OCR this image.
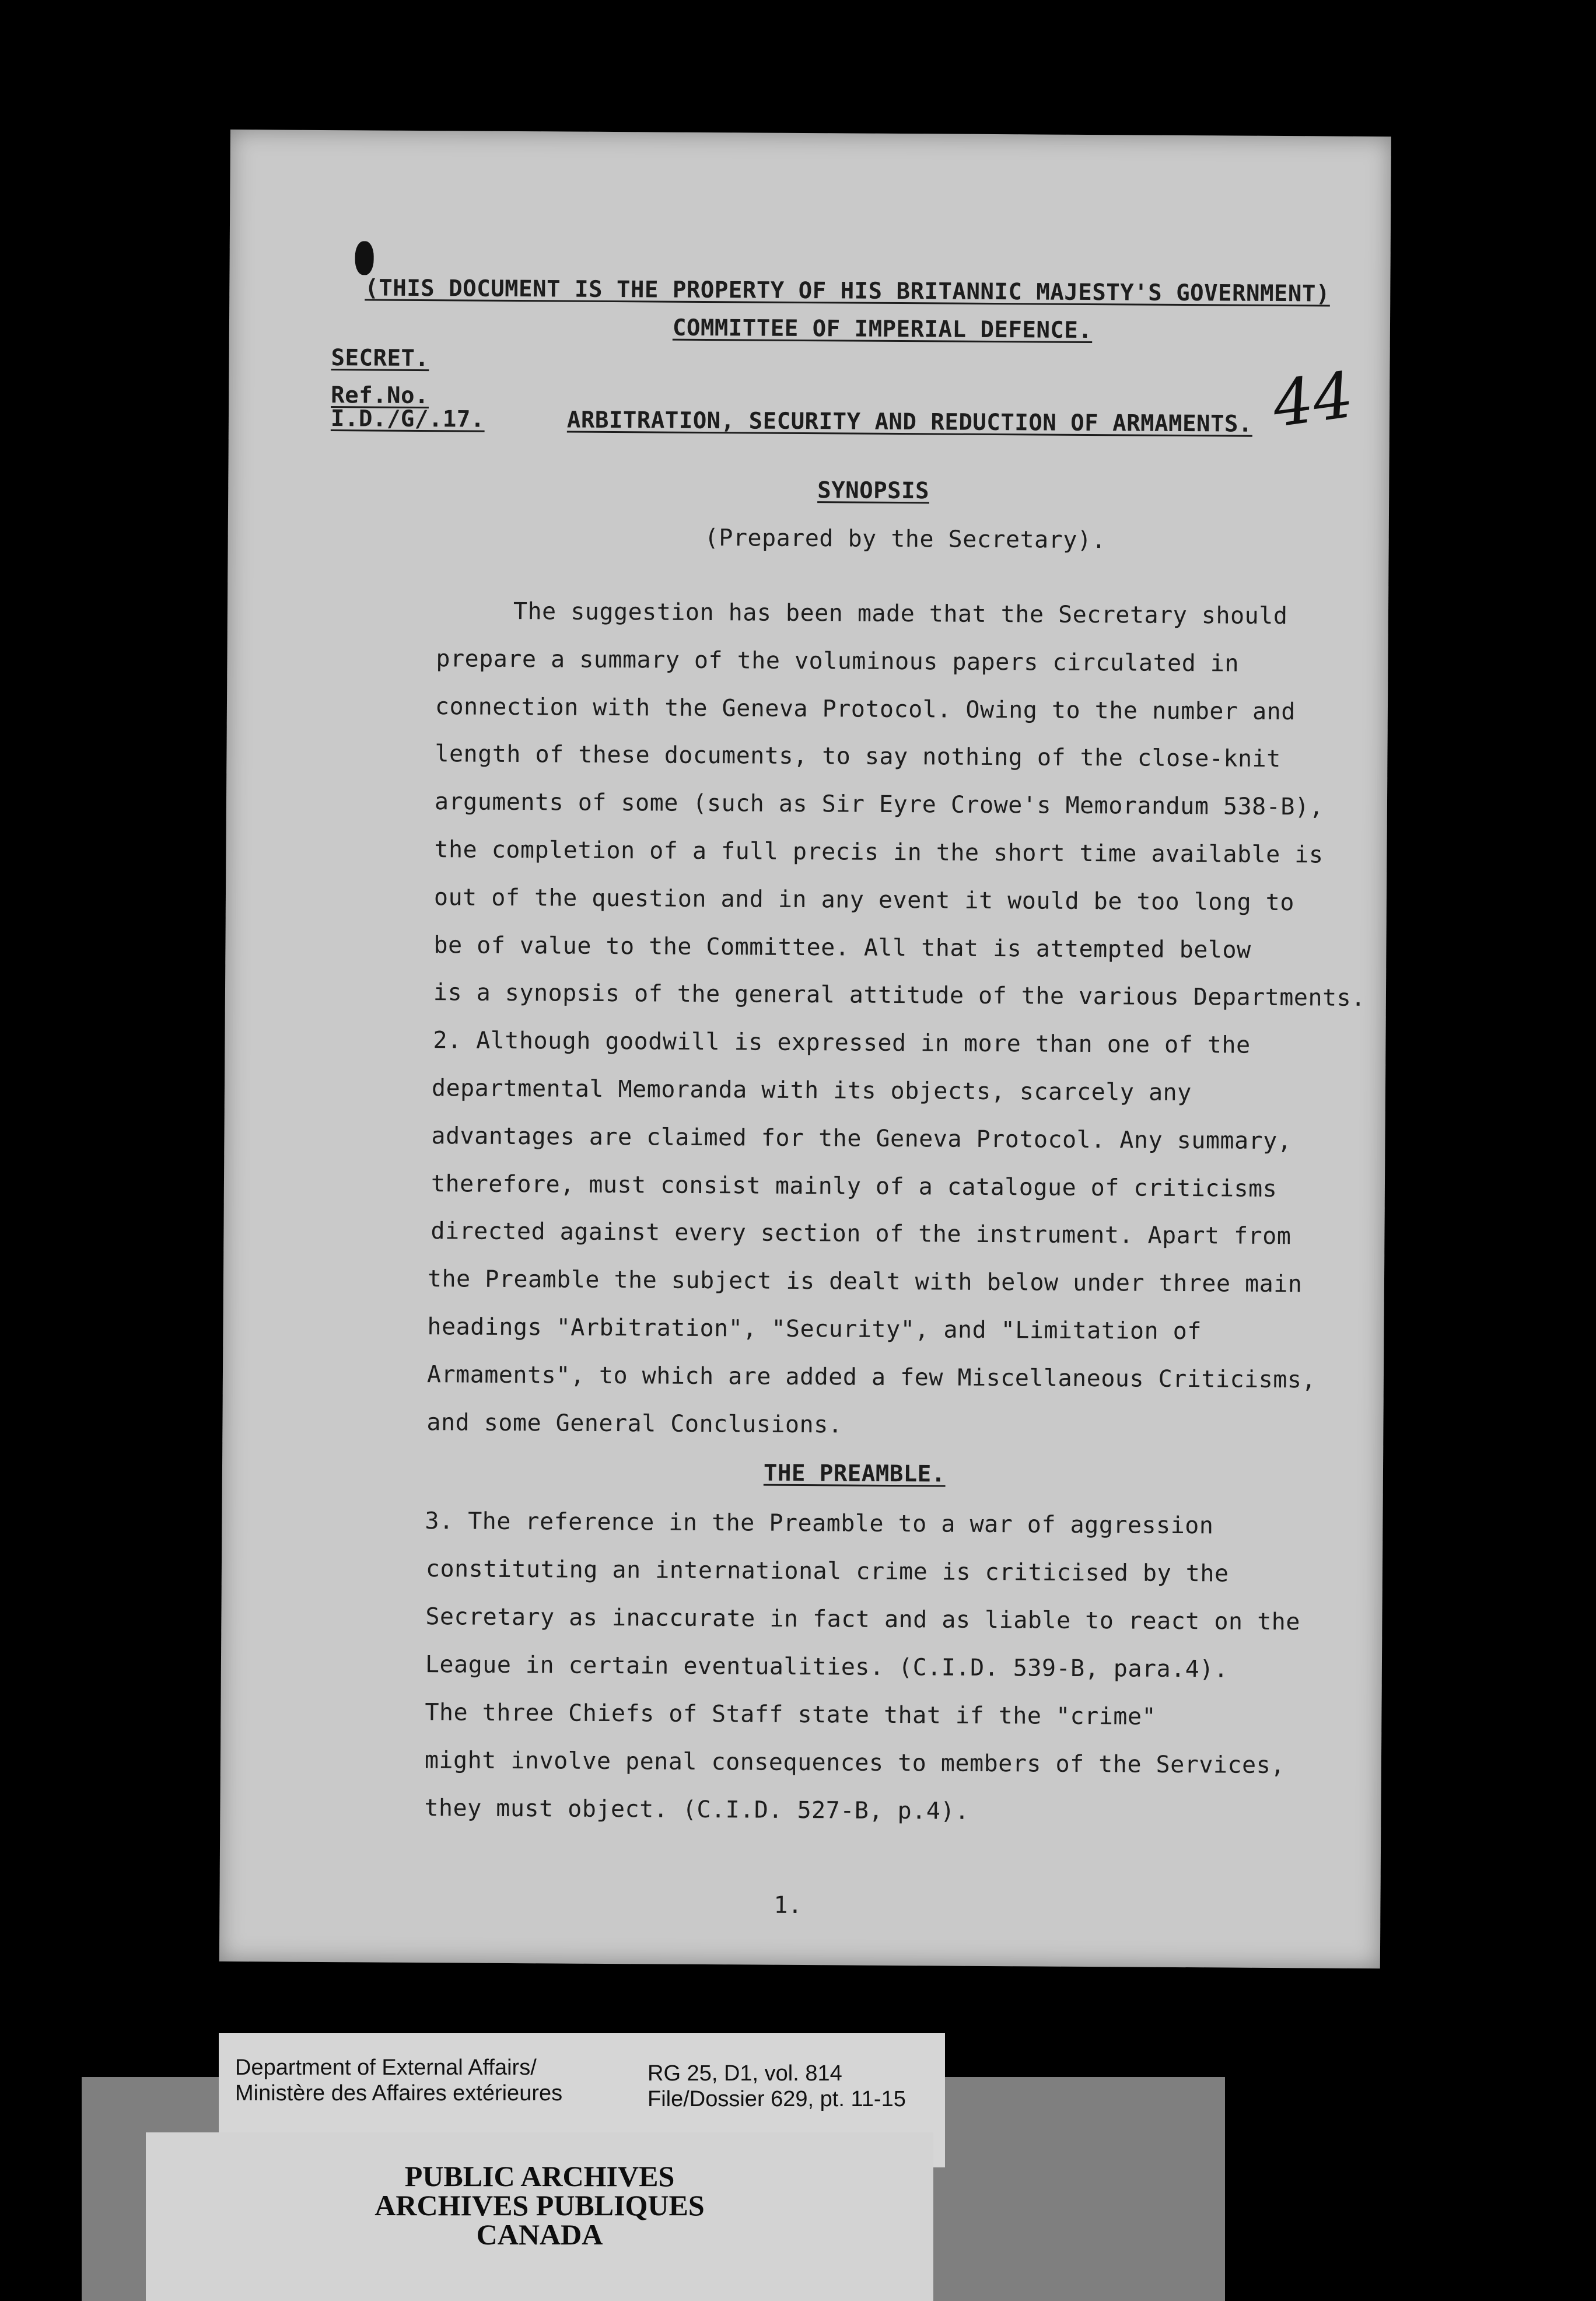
(THIS DOCUMENT IS THE PROPERTY OF HIS BRITANNIC MAJESTY'S GOVERNMENT)
COMMITTEE OF IMPERIAL DEFENCE.
SECRET.
Ref.No.
I.D./G/.17.	ARBITRATION, SECURITY AND REDUCTION OF ARMAMENTS. 44
SYNOPSIS
(Prepared by the Secretary).
The suggestion has been made that the Secretary should
prepare a summary of the voluminous papers circulated in
connection with the Geneva Protocol. Owing to the number and
length of these documents, to say nothing of the close-knit
arguments of some (such as Sir Eyre Crowe's Memorandum 538-B),
the completion of a full precis in the short time available is
out of the question and in any event it would be too long to
be of value to the Committee. All that is attempted below
is a synopsis of the general attitude of the various Departments.
2. Although goodwill is expressed in more than one of the
departmental Memoranda with its objects, scarcely any
advantages are claimed for the Geneva Protocol. Any summary,
therefore, must consist mainly of a catalogue of criticisms
directed against every section of the instrument. Apart from
the Preamble the subject is dealt with below under three main
headings "Arbitration", "Security", and "Limitation of
Armaments", to which are added a few Miscellaneous Criticisms,
and some General Conclusions.
THE PREAMBLE.
3. The reference in the Preamble to a war of aggression
constituting an international crime is criticised by the
Secretary as inaccurate in fact and as liable to react on the
League in certain eventualities. (C.I.D. 539-B, para.4).
The three Chiefs of Staff state that if the "crime"
might involve penal consequences to members of the Services,
they must object. (C.I.D. 527-B, p.4).
1.
Department of External Affairs/
Ministère des Affaires extérieures
RG 25, D1, vol. 814
File/Dossier 629, pt. 11-15
PUBLIC ARCHIVES
ARCHIVES PUBLIQUES
CANADA
